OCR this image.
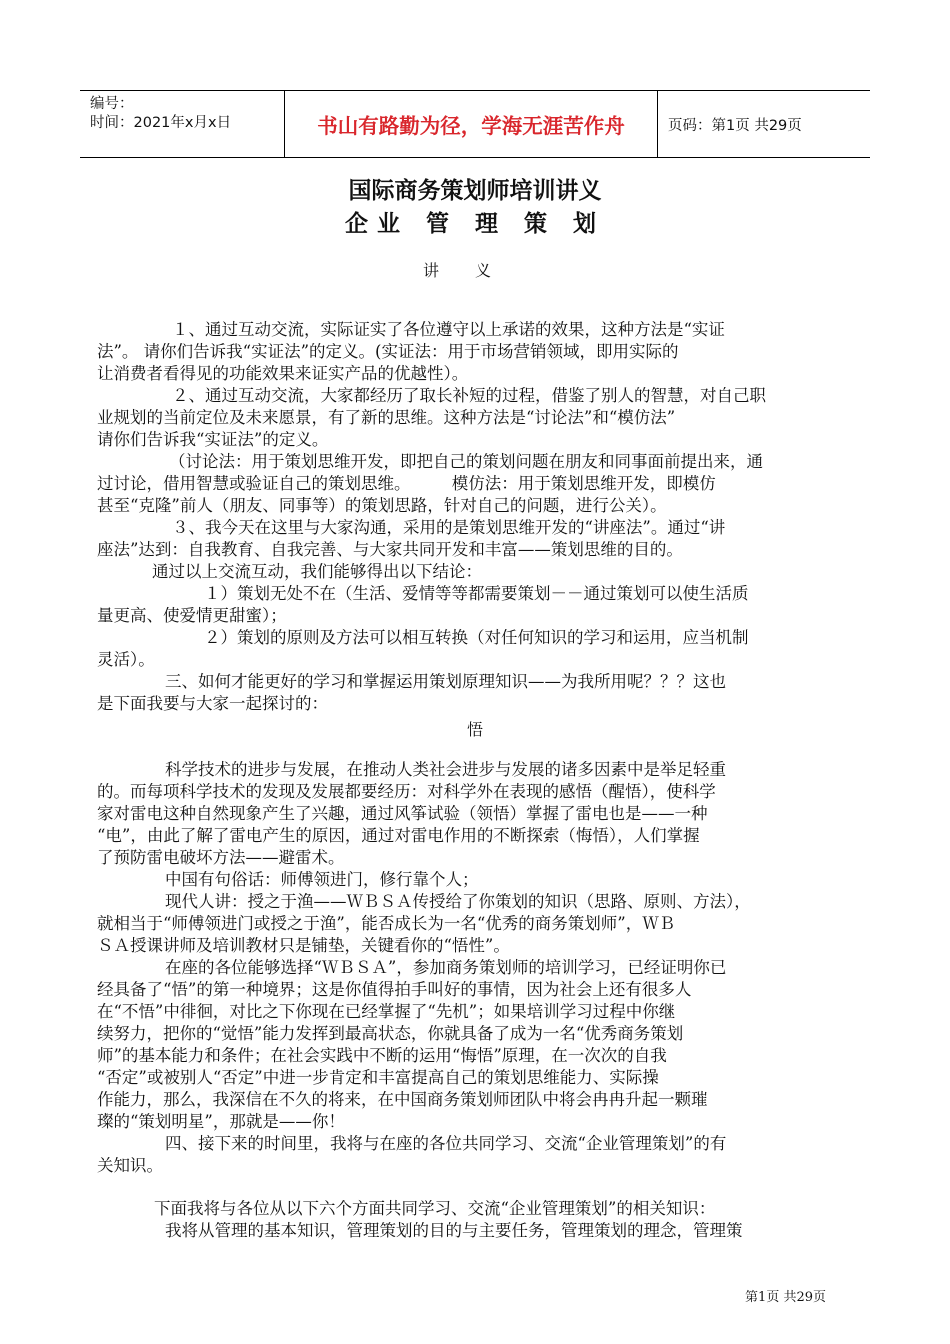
编号：
时间：2021年x月x日	书山有路勤为径，学海无涯苦作舟	页码：第1页 共29页
国际商务策划师培训讲义
企业 管 理 策 划
讲义
１、通过互动交流，实际证实了各位遵守以上承诺的效果，这种方法是“实证
法”。 请你们告诉我“实证法”的定义。(实证法：用于市场营销领域，即用实际的
让消费者看得见的功能效果来证实产品的优越性）。
２、通过互动交流，大家都经历了取长补短的过程，借鉴了别人的智慧，对自己职
业规划的当前定位及未来愿景，有了新的思维。这种方法是“讨论法”和“模仿法”
请你们告诉我“实证法”的定义。
（讨论法：用于策划思维开发，即把自己的策划问题在朋友和同事面前提出来，通
过讨论，借用智慧或验证自己的策划思维。　　　模仿法：用于策划思维开发，即模仿
甚至“克隆”前人（朋友、同事等）的策划思路，针对自己的问题，进行公关）。
３、我今天在这里与大家沟通，采用的是策划思维开发的“讲座法”。通过“讲
座法”达到：自我教育、自我完善、与大家共同开发和丰富——策划思维的目的。
通过以上交流互动，我们能够得出以下结论：
１）策划无处不在（生活、爱情等等都需要策划－－通过策划可以使生活质
量更高、使爱情更甜蜜）；
２）策划的原则及方法可以相互转换（对任何知识的学习和运用，应当机制
灵活）。
三、如何才能更好的学习和掌握运用策划原理知识——为我所用呢？？？这也
是下面我要与大家一起探讨的：
科学技术的进步与发展，在推动人类社会进步与发展的诸多因素中是举足轻重
的。而每项科学技术的发现及发展都要经历：对科学外在表现的感悟（醒悟），使科学
家对雷电这种自然现象产生了兴趣，通过风筝试验（领悟）掌握了雷电也是——一种
“电”，由此了解了雷电产生的原因，通过对雷电作用的不断探索（悔悟），人们掌握
了预防雷电破坏方法——避雷术。
中国有句俗话：师傅领进门，修行靠个人；
现代人讲：授之于渔——ＷＢＳＡ传授给了你策划的知识（思路、原则、方法），
就相当于“师傅领进门或授之于渔”，能否成长为一名“优秀的商务策划师”，ＷＢ
ＳＡ授课讲师及培训教材只是铺垫，关键看你的“悟性”。
在座的各位能够选择“ＷＢＳＡ”，参加商务策划师的培训学习，已经证明你已
经具备了“悟”的第一种境界；这是你值得拍手叫好的事情，因为社会上还有很多人
在“不悟”中徘徊，对比之下你现在已经掌握了“先机”；如果培训学习过程中你继
续努力，把你的“觉悟”能力发挥到最高状态，你就具备了成为一名“优秀商务策划
师”的基本能力和条件；在社会实践中不断的运用“悔悟”原理，在一次次的自我
“否定”或被别人“否定”中进一步肯定和丰富提高自己的策划思维能力、实际操
作能力，那么，我深信在不久的将来，在中国商务策划师团队中将会冉冉升起一颗璀
璨的“策划明星”，那就是——你！
四、接下来的时间里，我将与在座的各位共同学习、交流“企业管理策划”的有
关知识。
下面我将与各位从以下六个方面共同学习、交流“企业管理策划”的相关知识：
我将从管理的基本知识，管理策划的目的与主要任务，管理策划的理念，管理策
悟
第1页 共29页
